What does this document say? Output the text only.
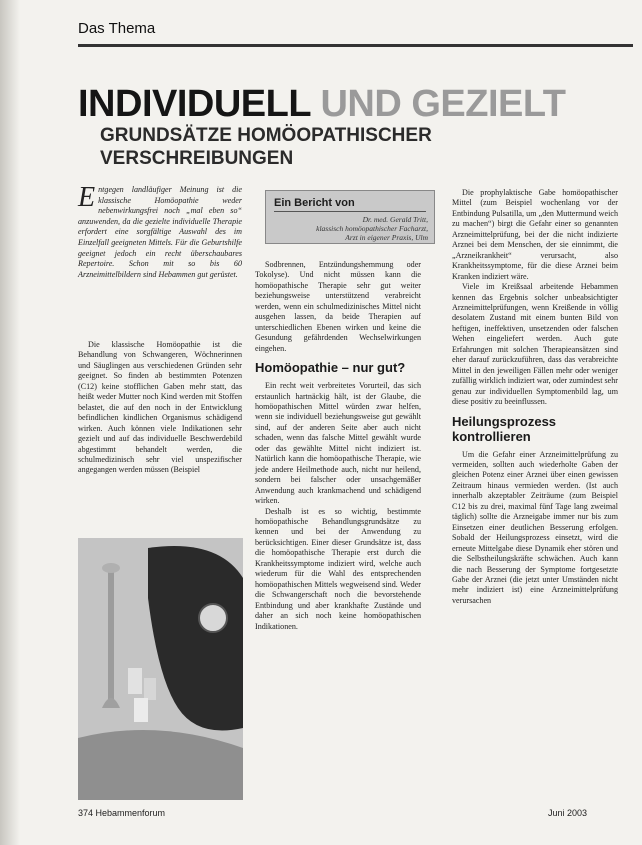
Das Thema
INDIVIDUELL UND GEZIELT
GRUNDSÄTZE HOMÖOPATHISCHER
VERSCHREIBUNGEN
Entgegen landläufiger Meinung ist die klassische Homöopathie weder nebenwirkungsfrei noch „mal eben so“ anzuwenden, da die gezielte individuelle Therapie erfordert eine sorgfältige Auswahl des im Einzelfall geeigneten Mittels. Für die Geburtshilfe geeignet jedoch ein recht überschaubares Repertoire. Schon mit so bis 60 Arzneimittelbildern sind Hebammen gut gerüstet.
Ein Bericht von
Dr. med. Gerald Tritt,
klassisch homöopathischer Facharzt,
Arzt in eigener Praxis, Ulm

Die klassische Homöopathie ist die Behandlung von Schwangeren, Wöchnerinnen und Säuglingen aus verschiedenen Gründen sehr geeignet. So finden ab bestimmten Potenzen (C12) keine stofflichen Gaben mehr statt, das heißt weder Mutter noch Kind werden mit Stoffen belastet, die auf den noch in der Entwicklung befindlichen kindlichen Organismus schädigend wirken. Auch können viele Indikationen sehr gezielt und auf das individuelle Beschwerdebild abgestimmt behandelt werden, die schulmedizinisch sehr viel unspezifischer angegangen werden müssen (Beispiel

Sodbrennen, Entzündungshemmung oder Tokolyse). Und nicht müssen kann die homöopathische Therapie sehr gut weiter beziehungsweise unterstützend verabreicht werden, wenn ein schulmedizinisches Mittel nicht ausgehen lassen, da beide Therapien auf unterschiedlichen Ebenen wirken und keine die Gesundung gefährdenden Wechselwirkungen eingehen.

Homöopathie – nur gut?

Ein recht weit verbreitetes Vorurteil, das sich erstaunlich hartnäckig hält, ist der Glaube, die homöopathischen Mittel würden zwar helfen, wenn sie individuell beziehungsweise gut gewählt sind, auf der anderen Seite aber auch nicht schaden, wenn das falsche Mittel gewählt wurde oder das gewählte Mittel nicht indiziert ist. Natürlich kann die homöopathische Therapie, wie jede andere Heilmethode auch, nicht nur heilend, sondern bei falscher oder unsachgemäßer Anwendung auch krankmachend und schädigend wirken.

Deshalb ist es so wichtig, bestimmte homöopathische Behandlungsgrundsätze zu kennen und bei der Anwendung zu berücksichtigen. Einer dieser Grundsätze ist, dass die homöopathische Therapie erst durch die Krankheitssymptome indiziert wird, welche auch wiederum für die Wahl des entsprechenden homöopathischen Mittels wegweisend sind. Weder die Schwangerschaft noch die bevorstehende Entbindung und aber krankhafte Zustände und daher an sich noch keine homöopathischen Indikationen.

Die prophylaktische Gabe homöopathischer Mittel (zum Beispiel wochenlang vor der Entbindung Pulsatilla, um „den Muttermund weich zu machen“) birgt die Gefahr einer so genannten Arzneimittelprüfung, bei der die nicht indizierte Arznei bei dem Menschen, der sie einnimmt, die „Arzneikrankheit“ verursacht, also Krankheitssymptome, für die diese Arznei beim Kranken indiziert wäre.

Viele im Kreißsaal arbeitende Hebammen kennen das Ergebnis solcher unbeabsichtigter Arzneimittelprüfungen, wenn Kreißende in völlig desolatem Zustand mit einem bunten Bild von heftigen, ineffektiven, unsetzenden oder falschen Wehen eingeliefert werden. Auch gute Erfahrungen mit solchen Therapieansätzen sind eher darauf zurückzuführen, dass das verabreichte Mittel in den jeweiligen Fällen mehr oder weniger zufällig wirklich indiziert war, oder zumindest sehr genau zur individuellen Symptomenbild lag, um diese positiv zu beeinflussen.

Heilungsprozess kontrollieren

Um die Gefahr einer Arzneimittelprüfung zu vermeiden, sollten auch wiederholte Gaben der gleichen Potenz einer Arznei über einen gewissen Zeitraum hinaus vermieden werden. (Ist auch innerhalb akzeptabler Zeiträume (zum Beispiel C12 bis zu drei, maximal fünf Tage lang zweimal täglich) sollte die Arzneigabe immer nur bis zum Einsetzen einer deutlichen Besserung erfolgen. Sobald der Heilungsprozess einsetzt, wird die erneute Mittelgabe diese Dynamik eher stören und die Selbstheilungskräfte schwächen. Auch kann die nach Besserung der Symptome fortgesetzte Gabe der Arznei (die jetzt unter Umständen nicht mehr indiziert ist) eine Arzneimittelprüfung verursachen

374 Hebammenforum	Juni 2003
